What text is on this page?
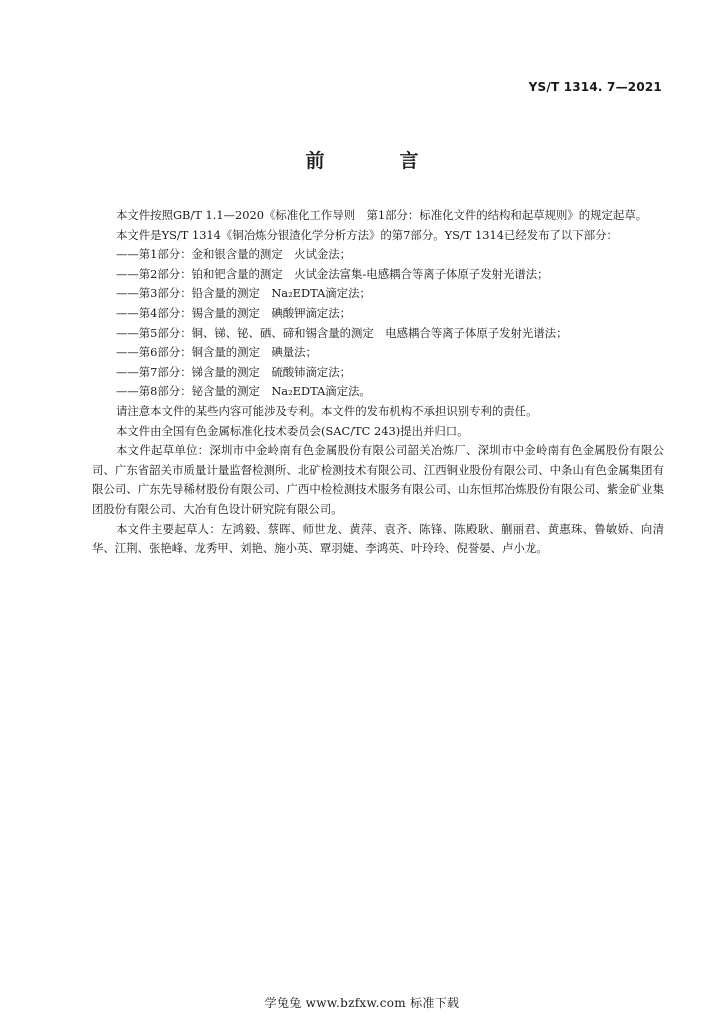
YS/T 1314. 7—2021
前　言

本文件按照GB/T 1.1—2020《标准化工作导则　第1部分：标准化文件的结构和起草规则》的规定起草。

本文件是YS/T 1314《铜冶炼分银渣化学分析方法》的第7部分。YS/T 1314已经发布了以下部分：

——第1部分：金和银含量的测定　火试金法；

——第2部分：铂和钯含量的测定　火试金法富集-电感耦合等离子体原子发射光谱法；

——第3部分：铅含量的测定　Na₂EDTA滴定法；

——第4部分：锡含量的测定　碘酸钾滴定法；

——第5部分：铜、锑、铋、硒、碲和锡含量的测定　电感耦合等离子体原子发射光谱法；

——第6部分：铜含量的测定　碘量法；

——第7部分：锑含量的测定　硫酸铈滴定法；

——第8部分：铋含量的测定　Na₂EDTA滴定法。

请注意本文件的某些内容可能涉及专利。本文件的发布机构不承担识别专利的责任。

本文件由全国有色金属标准化技术委员会(SAC/TC 243)提出并归口。

本文件起草单位：深圳市中金岭南有色金属股份有限公司韶关冶炼厂、深圳市中金岭南有色金属股份有限公司、广东省韶关市质量计量监督检测所、北矿检测技术有限公司、江西铜业股份有限公司、中条山有色金属集团有限公司、广东先导稀材股份有限公司、广西中检检测技术服务有限公司、山东恒邦冶炼股份有限公司、紫金矿业集团股份有限公司、大冶有色设计研究院有限公司。

本文件主要起草人：左鸿毅、蔡晖、师世龙、黄萍、袁齐、陈锋、陈殿耿、蒯丽君、黄惠珠、鲁敏娇、向清华、江荆、张艳峰、龙秀甲、刘艳、施小英、覃羽婕、李鸿英、叶玲玲、倪誉晏、卢小龙。

学兔兔 www.bzfxw.com 标准下载
